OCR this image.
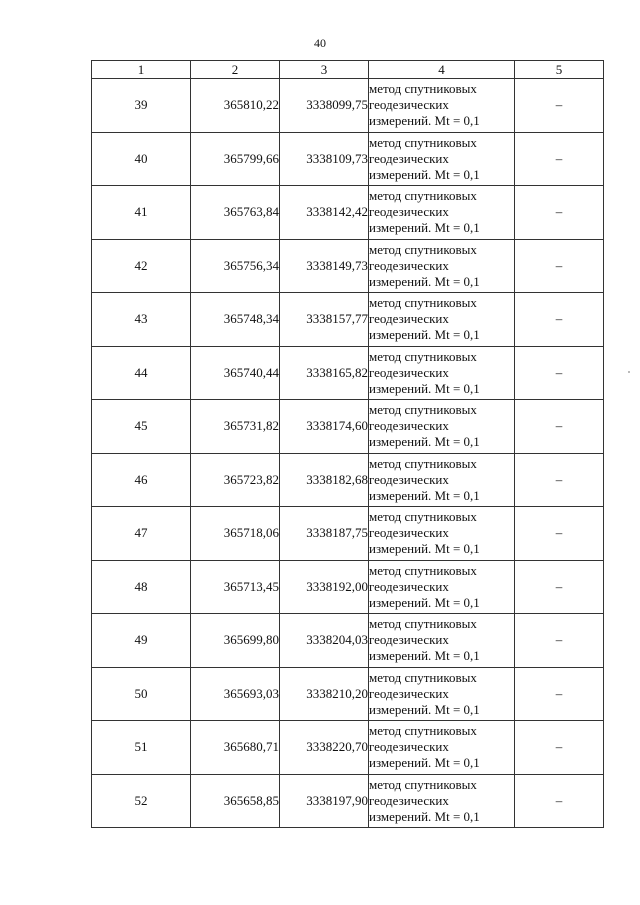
40
1	2	3	4	5
39	365810,22	3338099,75	метод спутниковых
геодезических
измерений. Mt = 0,1	–
40	365799,66	3338109,73	метод спутниковых
геодезических
измерений. Mt = 0,1	–
41	365763,84	3338142,42	метод спутниковых
геодезических
измерений. Mt = 0,1	–
42	365756,34	3338149,73	метод спутниковых
геодезических
измерений. Mt = 0,1	–
43	365748,34	3338157,77	метод спутниковых
геодезических
измерений. Mt = 0,1	–
44	365740,44	3338165,82	метод спутниковых
геодезических
измерений. Mt = 0,1	–
45	365731,82	3338174,60	метод спутниковых
геодезических
измерений. Mt = 0,1	–
46	365723,82	3338182,68	метод спутниковых
геодезических
измерений. Mt = 0,1	–
47	365718,06	3338187,75	метод спутниковых
геодезических
измерений. Mt = 0,1	–
48	365713,45	3338192,00	метод спутниковых
геодезических
измерений. Mt = 0,1	–
49	365699,80	3338204,03	метод спутниковых
геодезических
измерений. Mt = 0,1	–
50	365693,03	3338210,20	метод спутниковых
геодезических
измерений. Mt = 0,1	–
51	365680,71	3338220,70	метод спутниковых
геодезических
измерений. Mt = 0,1	–
52	365658,85	3338197,90	метод спутниковых
геодезических
измерений. Mt = 0,1	–
